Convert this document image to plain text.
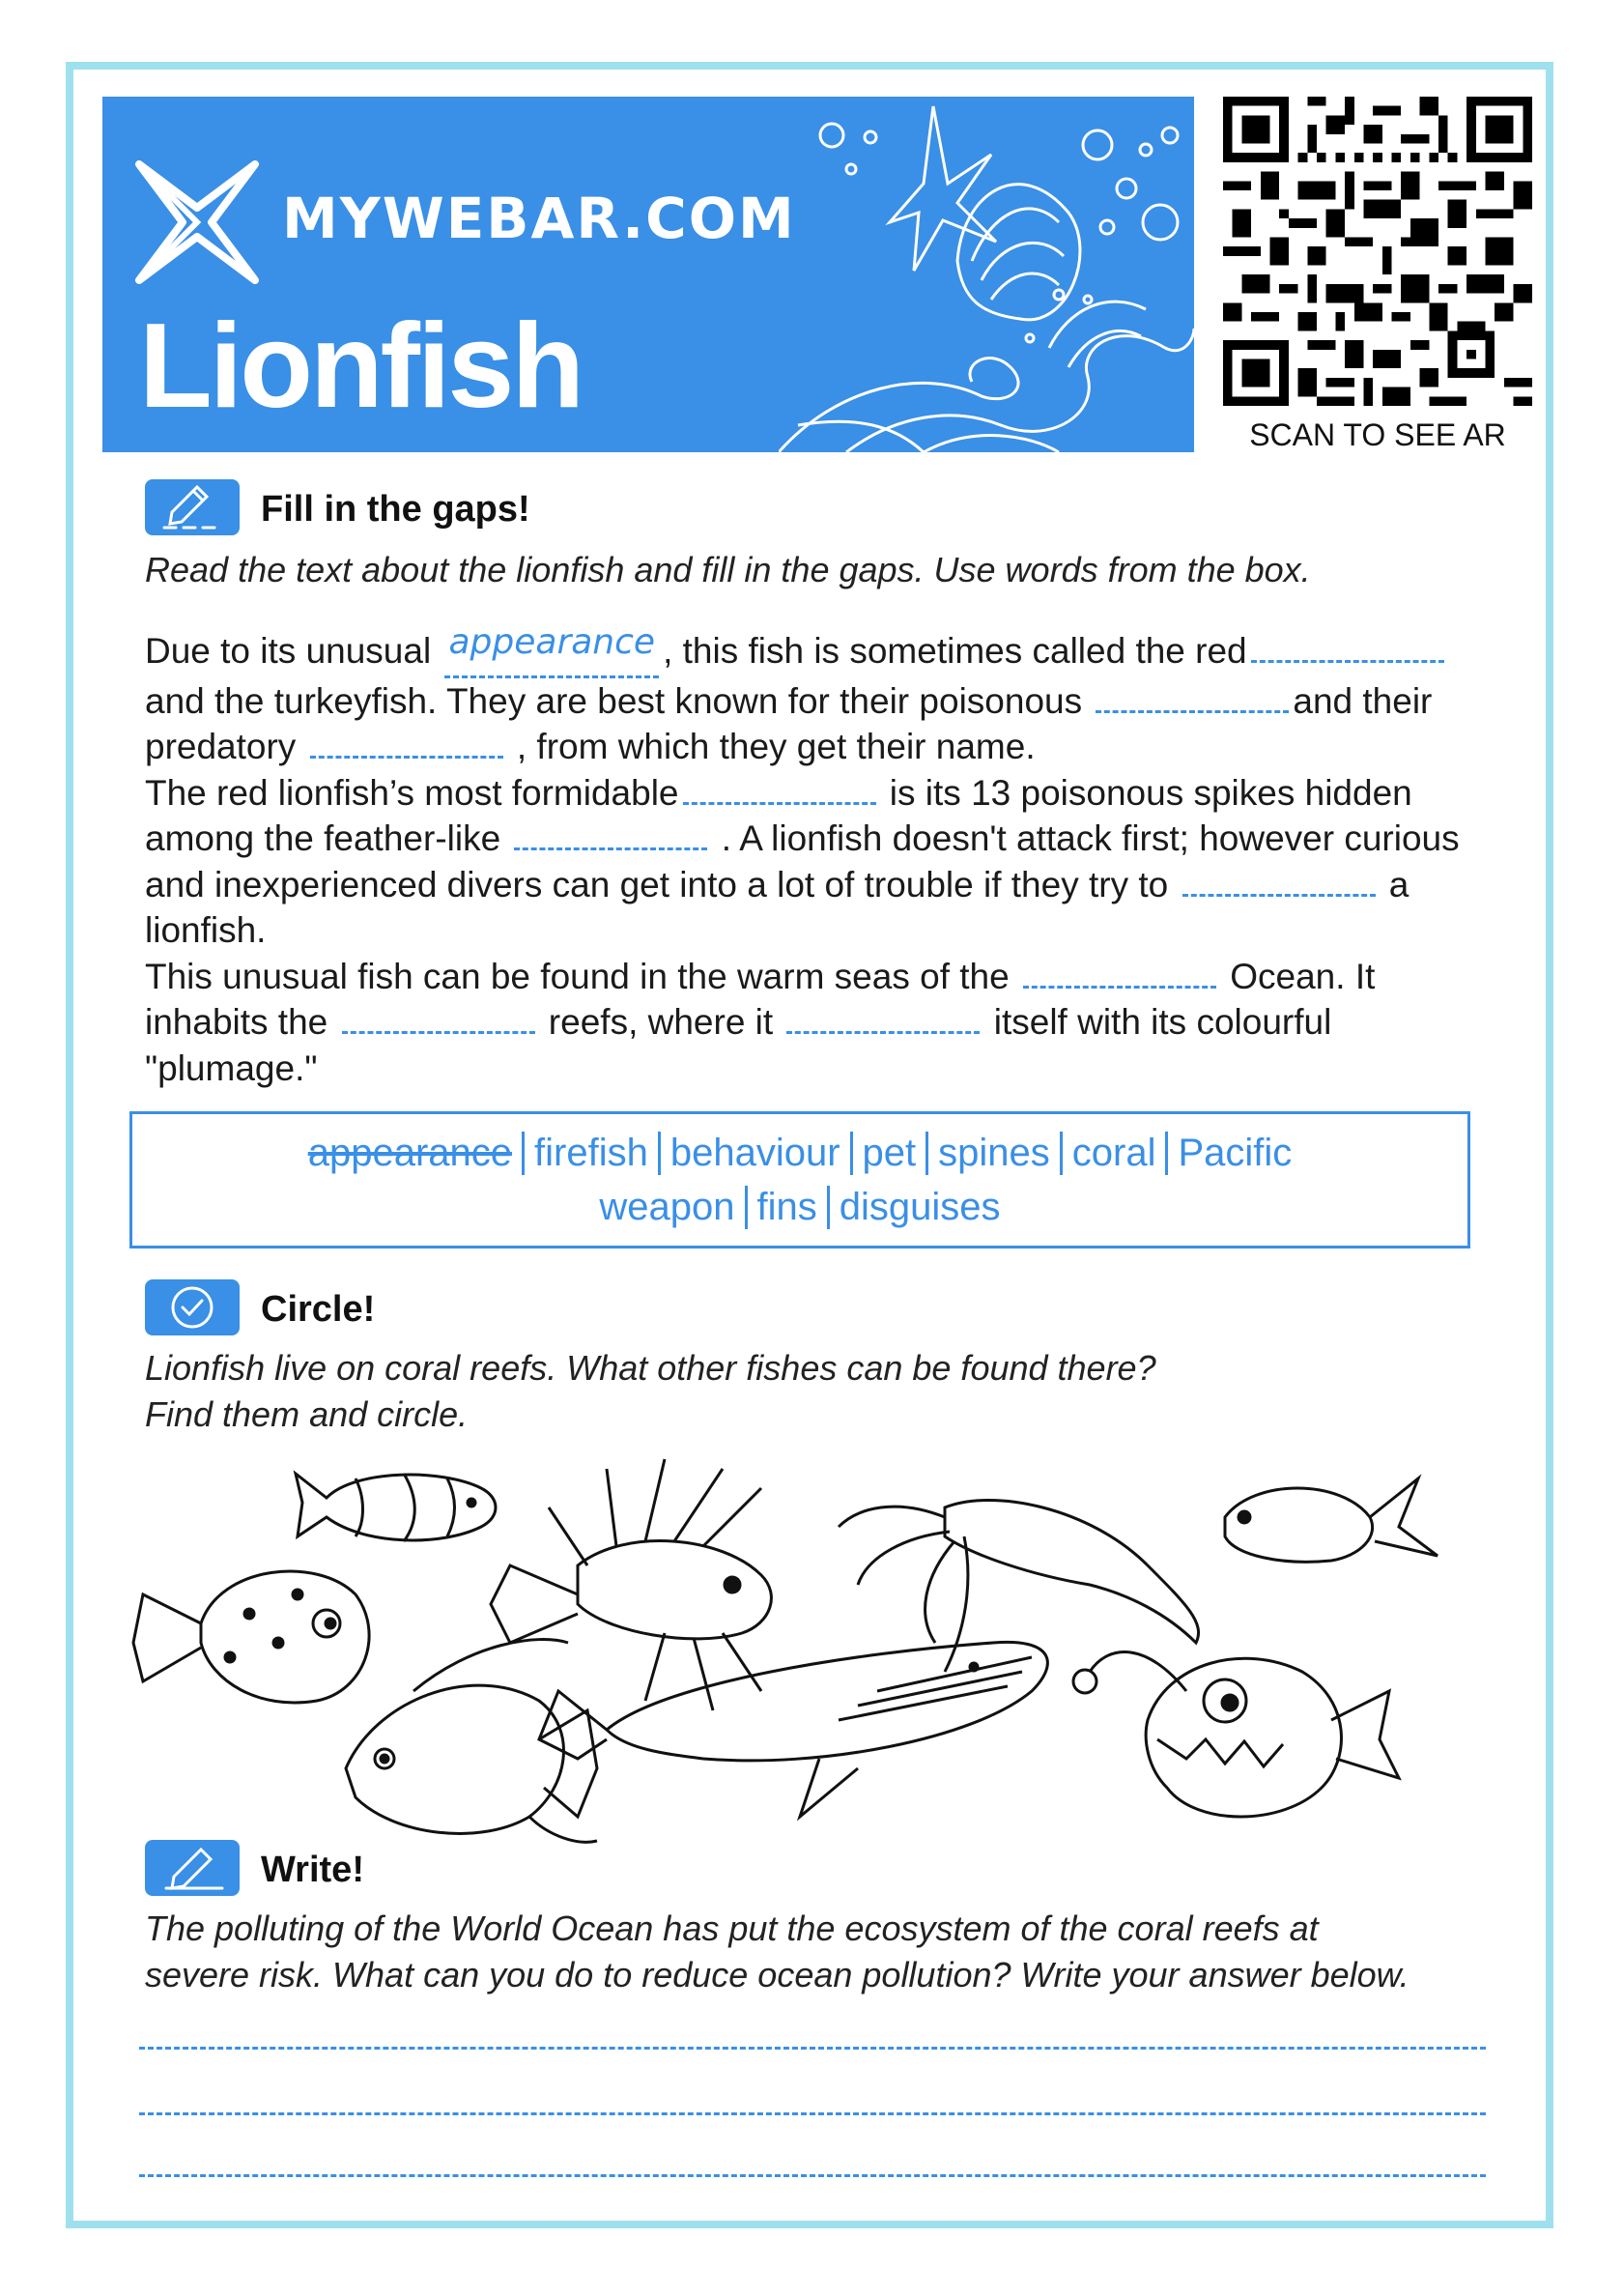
MYWEBAR.COM
Lionfish
SCAN TO SEE AR
Fill in the gaps!
Read the text about the lionfish and fill in the gaps. Use words from the box.
Due to its unusual appearance , this fish is sometimes called the red and the turkeyfish. They are best known for their poisonous	and their predatory	, from which they get their name.
The red lionfish’s most formidable	is its 13 poisonous spikes hidden among the feather-like	. A lionfish doesn't attack first; however curious and inexperienced divers can get into a lot of trouble if they try to	a lionfish.
This unusual fish can be found in the warm seas of the	Ocean. It inhabits the	reefs, where it	itself with its colourful "plumage."
appearance firefish behaviour pet spines coral Pacific
weapon fins disguises
Circle!
Lionfish live on coral reefs. What other fishes can be found there?
Find them and circle.
Write!
The polluting of the World Ocean has put the ecosystem of the coral reefs at
severe risk. What can you do to reduce ocean pollution? Write your answer below.
